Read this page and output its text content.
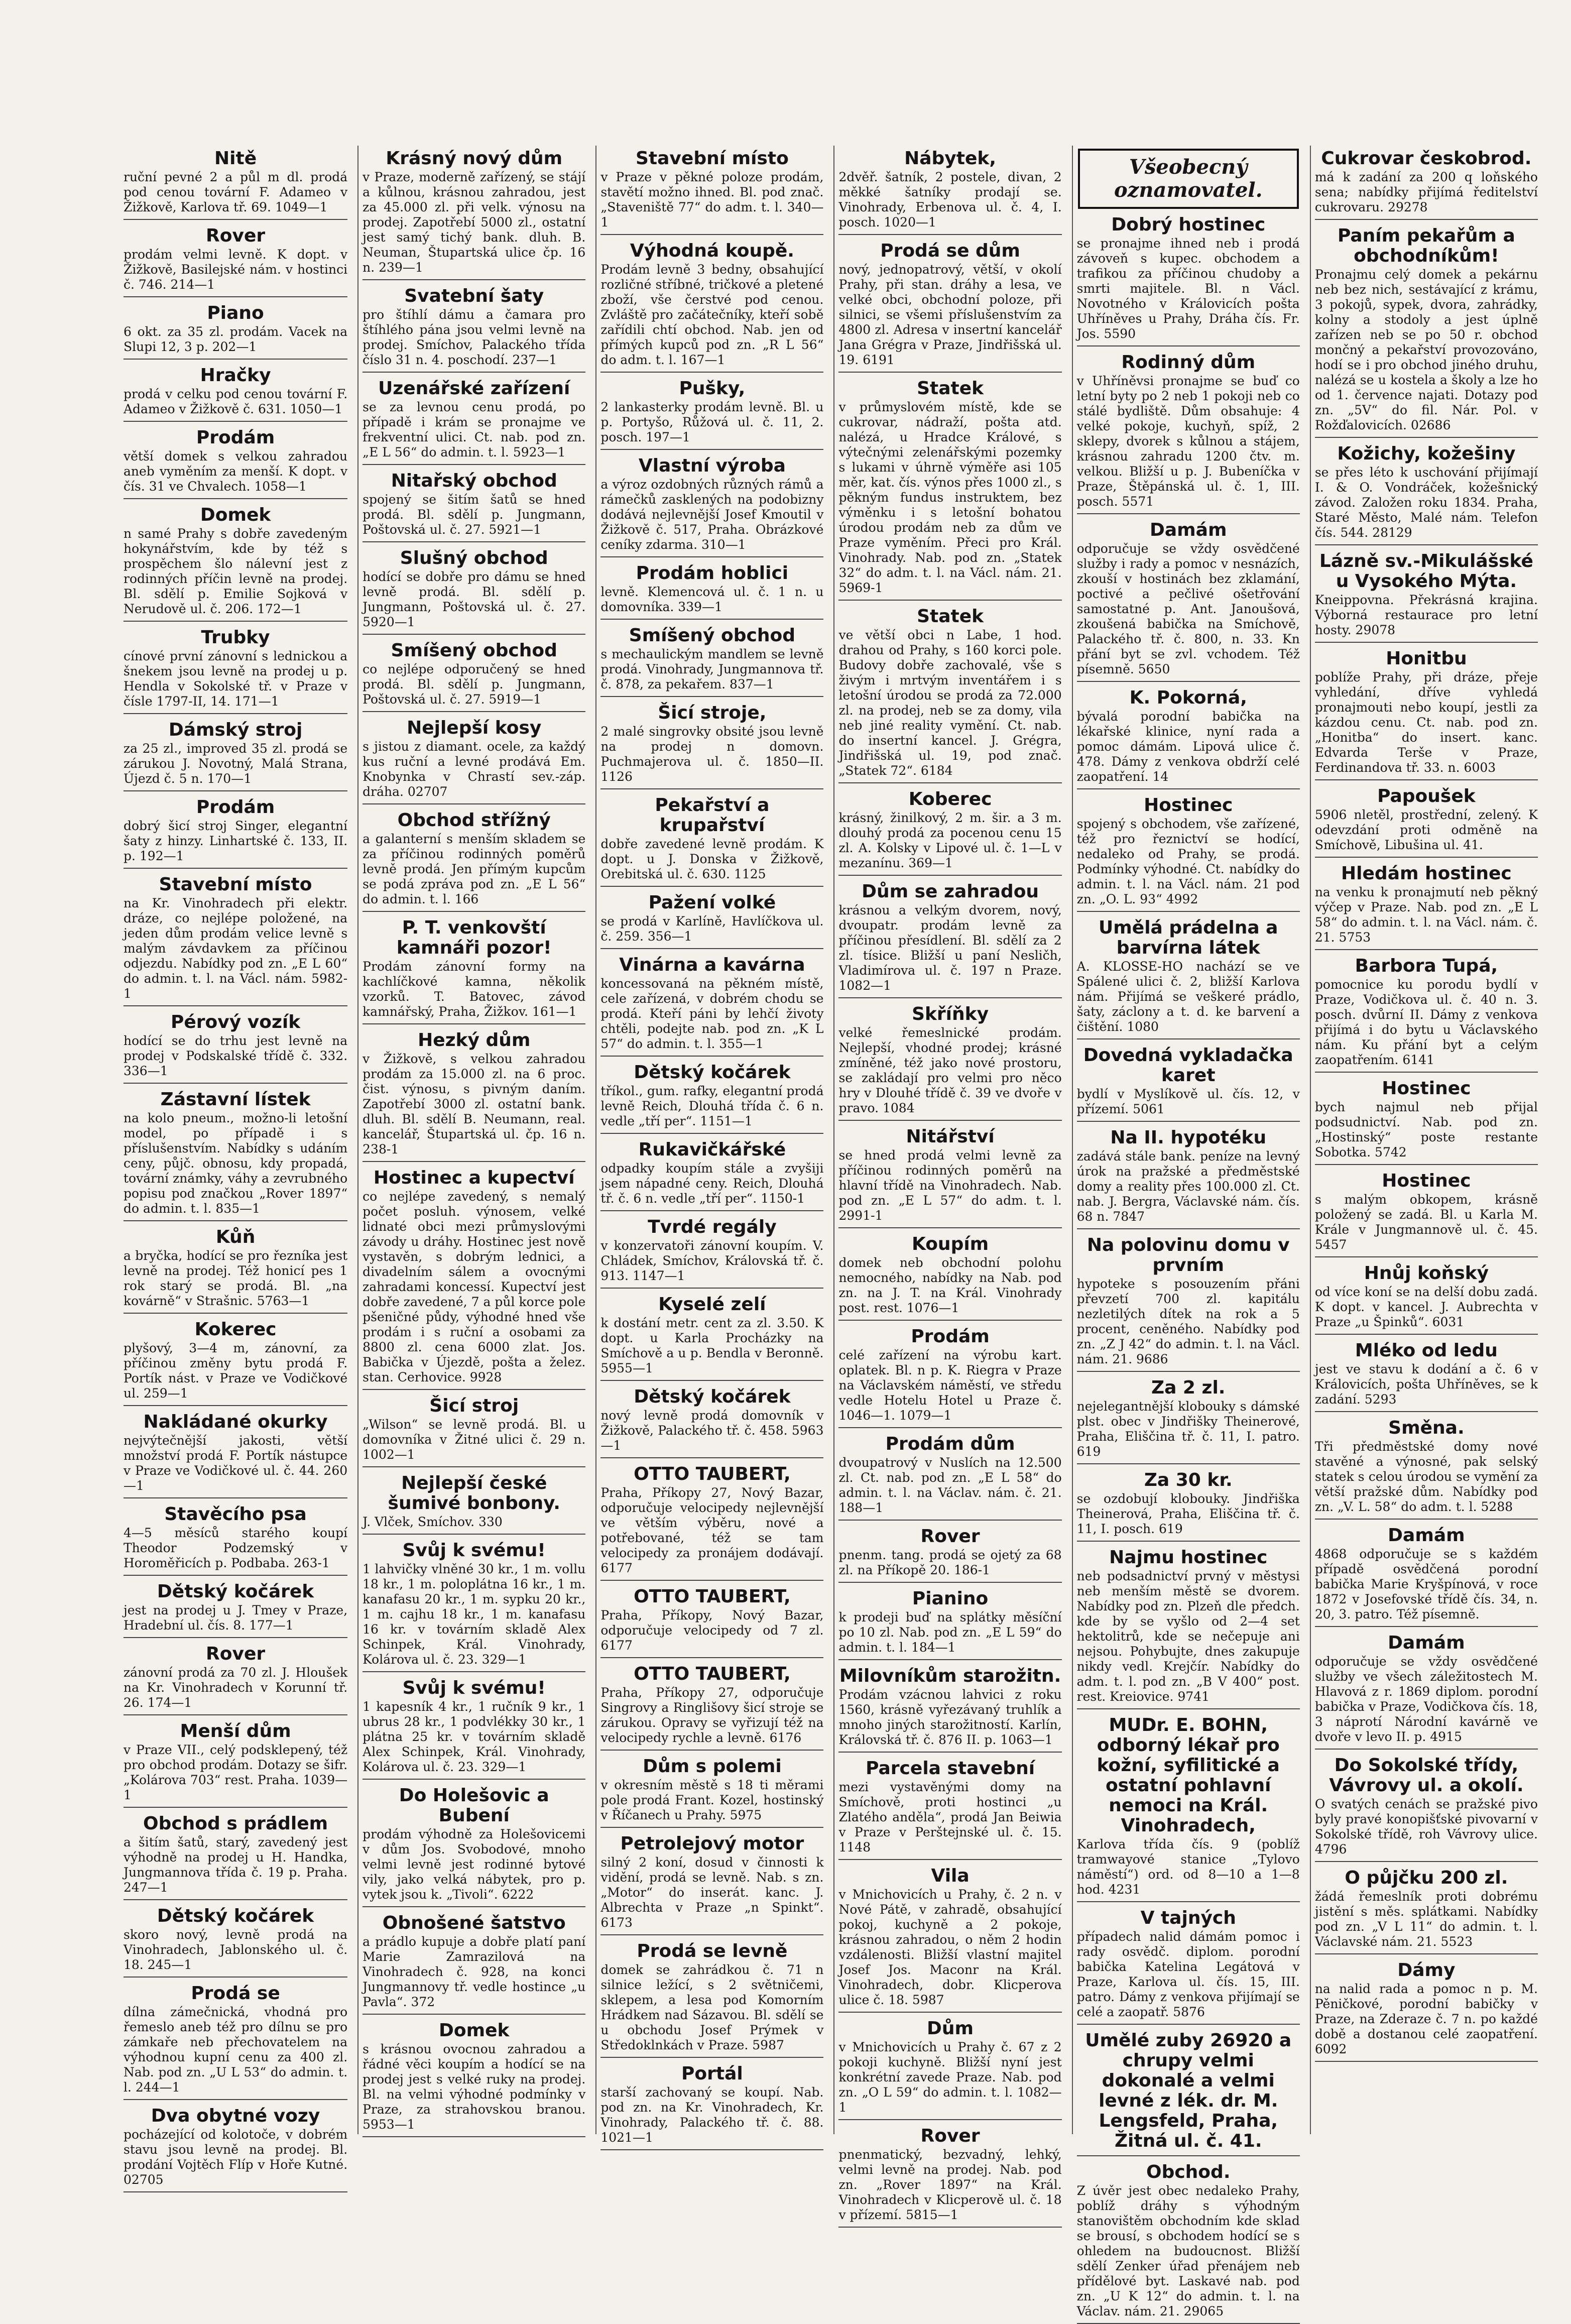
Nitě
ruční pevné 2 a půl m dl. prodá pod cenou tovární F. Adameo v Žižkově, Karlova tř. 69. 1049—1
Rover
prodám velmi levně. K dopt. v Žižkově, Basilejské nám. v hostinci č. 746. 214—1
Piano
6 okt. za 35 zl. prodám. Vacek na Slupi 12, 3 p. 202—1
Hračky
prodá v celku pod cenou tovární F. Adameo v Žižkově č. 631. 1050—1
Prodám
větší domek s velkou zahradou aneb vyměním za menší. K dopt. v čís. 31 ve Chvalech. 1058—1
Domek
n samé Prahy s dobře zavedeným hokynářstvím, kde by též s prospěchem šlo nálevní jest z rodinných příčin levně na prodej. Bl. sdělí p. Emilie Sojková v Nerudově ul. č. 206. 172—1
Trubky
cínové první zánovní s lednickou a šnekem jsou levně na prodej u p. Hendla v Sokolské tř. v Praze v čísle 1797-II, 14. 171—1
Dámský stroj
za 25 zl., improved 35 zl. prodá se zárukou J. Novotný, Malá Strana, Újezd č. 5 n. 170—1
Prodám
dobrý šicí stroj Singer, elegantní šaty z hinzy. Linhartské č. 133, II. p. 192—1
Stavební místo
na Kr. Vinohradech při elektr. dráze, co nejlépe položené, na jeden dům prodám velice levně s malým závdavkem za příčinou odjezdu. Nabídky pod zn. „E L 60“ do admin. t. l. na Václ. nám. 5982-1
Pérový vozík
hodící se do trhu jest levně na prodej v Podskalské třídě č. 332. 336—1
Zástavní lístek
na kolo pneum., možno-li letošní model, po případě i s příslušenstvím. Nabídky s udáním ceny, půjč. obnosu, kdy propadá, tovární známky, váhy a zevrubného popisu pod značkou „Rover 1897“ do admin. t. l. 835—1
Kůň
a bryčka, hodící se pro řezníka jest levně na prodej. Též honicí pes 1 rok starý se prodá. Bl. „na kovárně“ v Strašnic. 5763—1
Kokerec
plyšový, 3—4 m, zánovní, za příčinou změny bytu prodá F. Portík nást. v Praze ve Vodičkové ul. 259—1
Nakládané okurky
nejvýtečnější jakosti, větší množství prodá F. Portík nástupce v Praze ve Vodičkové ul. č. 44. 260—1
Stavěcího psa
4—5 měsíců starého koupí Theodor Podzemský v Horoměřicích p. Podbaba. 263-1
Dětský kočárek
jest na prodej u J. Tmey v Praze, Hradební ul. čís. 8. 177—1
Rover
zánovní prodá za 70 zl. J. Hloušek na Kr. Vinohradech v Korunní tř. 26. 174—1
Menší dům
v Praze VII., celý podsklepený, též pro obchod prodám. Dotazy se šifr. „Kolárova 703“ rest. Praha. 1039—1
Obchod s prádlem
a šitím šatů, starý, zavedený jest výhodně na prodej u H. Handka, Jungmannova třída č. 19 p. Praha. 247—1
Dětský kočárek
skoro nový, levně prodá na Vinohradech, Jablonského ul. č. 18. 245—1
Prodá se
dílna zámečnická, vhodná pro řemeslo aneb též pro dílnu se pro zámkaře neb přechovatelem na výhodnou kupní cenu za 400 zl. Nab. pod zn. „U L 53“ do admin. t. l. 244—1
Dva obytné vozy
pocházející od kolotoče, v dobrém stavu jsou levně na prodej. Bl. prodání Vojtěch Flíp v Hoře Kutné. 02705
Krásný nový dům
v Praze, moderně zařízený, se stájí a kůlnou, krásnou zahradou, jest za 45.000 zl. při velk. výnosu na prodej. Zapotřebí 5000 zl., ostatní jest samý tichý bank. dluh. B. Neuman, Štupartská ulice čp. 16 n. 239—1
Svatební šaty
pro štíhlí dámu a čamara pro štíhlého pána jsou velmi levně na prodej. Smíchov, Palackého třída číslo 31 n. 4. poschodí. 237—1
Uzenářské zařízení
se za levnou cenu prodá, po případě i krám se pronajme ve frekventní ulici. Ct. nab. pod zn. „E L 56“ do admin. t. l. 5923—1
Nitařský obchod
spojený se šitím šatů se hned prodá. Bl. sdělí p. Jungmann, Poštovská ul. č. 27. 5921—1
Slušný obchod
hodící se dobře pro dámu se hned levně prodá. Bl. sdělí p. Jungmann, Poštovská ul. č. 27. 5920—1
Smíšený obchod
co nejlépe odporučený se hned prodá. Bl. sdělí p. Jungmann, Poštovská ul. č. 27. 5919—1
Nejlepší kosy
s jistou z diamant. ocele, za každý kus ruční a levné prodává Em. Knobynka v Chrastí sev.-záp. dráha. 02707
Obchod střížný
a galanterní s menším skladem se za příčinou rodinných poměrů levně prodá. Jen přímým kupcům se podá zpráva pod zn. „E L 56“ do admin. t. l. 166
P. T. venkovští kamnáři pozor!
Prodám zánovní formy na kachlíčkové kamna, několik vzorků. T. Batovec, závod kamnářský, Praha, Žižkov. 161—1
Hezký dům
v Žižkově, s velkou zahradou prodám za 15.000 zl. na 6 proc. čist. výnosu, s pivným daním. Zapotřebí 3000 zl. ostatní bank. dluh. Bl. sdělí B. Neumann, real. kancelář, Štupartská ul. čp. 16 n. 238-1
Hostinec a kupectví
co nejlépe zavedený, s nemalý počet posluh. výnosem, velké lidnaté obci mezi průmyslovými závody u dráhy. Hostinec jest nově vystavěn, s dobrým lednici, a divadelním sálem a ovocnými zahradami koncessí. Kupectví jest dobře zavedené, 7 a půl korce pole pšeničné půdy, výhodné hned vše prodám i s ruční a osobami za 8800 zl. cena 6000 zlat. Jos. Babička v Újezdě, pošta a želez. stan. Cerhovice. 9928
Šicí stroj
„Wilson“ se levně prodá. Bl. u domovníka v Žitné ulici č. 29 n. 1002—1
Nejlepší české šumivé bonbony.
J. Vlček, Smíchov. 330
Svůj k svému!
1 lahvičky vlněné 30 kr., 1 m. vollu 18 kr., 1 m. poloplátna 16 kr., 1 m. kanafasu 20 kr., 1 m. sypku 20 kr., 1 m. cajhu 18 kr., 1 m. kanafasu 16 kr. v továrním skladě Alex Schinpek, Král. Vinohrady, Kolárova ul. č. 23. 329—1
Svůj k svému!
1 kapesník 4 kr., 1 ručník 9 kr., 1 ubrus 28 kr., 1 podvlékky 30 kr., 1 plátna 25 kr. v továrním skladě Alex Schinpek, Král. Vinohrady, Kolárova ul. č. 23. 329—1
Do Holešovic a Bubení
prodám výhodně za Holešovicemi v dům Jos. Svobodové, mnoho velmi levně jest rodinné bytové vily, jako velká nábytek, pro p. vytek jsou k. „Tivoli“. 6222
Obnošené šatstvo
a prádlo kupuje a dobře platí paní Marie Zamrazilová na Vinohradech č. 928, na konci Jungmannovy tř. vedle hostince „u Pavla“. 372
Domek
s krásnou ovocnou zahradou a řádné věci koupím a hodící se na prodej jest s velké ruky na prodej. Bl. na velmi výhodné podmínky v Praze, za strahovskou branou. 5953—1
Stavební místo
v Praze v pěkné poloze prodám, stavětí možno ihned. Bl. pod znač. „Staveniště 77“ do adm. t. l. 340—1
Výhodná koupě.
Prodám levně 3 bedny, obsahující rozličné stříbné, tričkové a pletené zboží, vše čerstvé pod cenou. Zvláště pro začátečníky, kteří sobě zařídili chtí obchod. Nab. jen od přímých kupců pod zn. „R L 56“ do adm. t. l. 167—1
Pušky,
2 lankasterky prodám levně. Bl. u p. Portyšo, Růžová ul. č. 11, 2. posch. 197—1
Vlastní výroba
a výroz ozdobných různých rámů a rámečků zasklených na podobizny dodává nejlevnější Josef Kmoutil v Žižkově č. 517, Praha. Obrázkové ceníky zdarma. 310—1
Prodám hoblici
levně. Klemencová ul. č. 1 n. u domovníka. 339—1
Smíšený obchod
s mechaulickým mandlem se levně prodá. Vinohrady, Jungmannova tř. č. 878, za pekařem. 837—1
Šicí stroje,
2 malé singrovky obsité jsou levně na prodej n domovn. Puchmajerova ul. č. 1850—II. 1126
Pekařství a krupařství
dobře zavedené levně prodám. K dopt. u J. Donska v Žižkově, Orebitská ul. č. 630. 1125
Pažení volké
se prodá v Karlíně, Havlíčkova ul. č. 259. 356—1
Vinárna a kavárna
koncessovaná na pěkném místě, cele zařízená, v dobrém chodu se prodá. Kteří páni by lehčí životy chtěli, podejte nab. pod zn. „K L 57“ do admin. t. l. 355—1
Dětský kočárek
tříkol., gum. rafky, elegantní prodá levně Reich, Dlouhá třída č. 6 n. vedle „tří per“. 1151—1
Rukavičkářské
odpadky koupím stále a zvyšiji jsem nápadné ceny. Reich, Dlouhá tř. č. 6 n. vedle „tří per“. 1150-1
Tvrdé regály
v konzervatoři zánovní koupím. V. Chládek, Smíchov, Královská tř. č. 913. 1147—1
Kyselé zelí
k dostání metr. cent za zl. 3.50. K dopt. u Karla Procházky na Smíchově a u p. Bendla v Beronně. 5955—1
Dětský kočárek
nový levně prodá domovník v Žižkově, Palackého tř. č. 458. 5963—1
OTTO TAUBERT,
Praha, Příkopy 27, Nový Bazar, odporučuje velocipedy nejlevnější ve větším výběru, nové a potřebované, též se tam velocipedy za pronájem dodávají. 6177
OTTO TAUBERT,
Praha, Příkopy, Nový Bazar, odporučuje velocipedy od 7 zl. 6177
OTTO TAUBERT,
Praha, Příkopy 27, odporučuje Singrovy a Ringlišovy šicí stroje se zárukou. Opravy se vyřizují též na velocipedy rychle a levně. 6176
Dům s polemi
v okresním městě s 18 ti měrami pole prodá Frant. Kozel, hostinský v Říčanech u Prahy. 5975
Petrolejový motor
silný 2 koní, dosud v činnosti k vidění, prodá se levně. Nab. s zn. „Motor“ do inserát. kanc. J. Albrechta v Praze „n Spinkt“. 6173
Prodá se levně
domek se zahrádkou č. 71 n silnice ležící, s 2 světničemi, sklepem, a lesa pod Komorním Hrádkem nad Sázavou. Bl. sdělí se u obchodu Josef Prýmek v Středoklnkách v Praze. 5987
Portál
starší zachovaný se koupí. Nab. pod zn. na Kr. Vinohradech, Kr. Vinohrady, Palackého tř. č. 88. 1021—1
Nábytek,
2dvěř. šatník, 2 postele, divan, 2 měkké šatníky prodají se. Vinohrady, Erbenova ul. č. 4, I. posch. 1020—1
Prodá se dům
nový, jednopatrový, větší, v okolí Prahy, při stan. dráhy a lesa, ve velké obci, obchodní poloze, při silnici, se všemi příslušenstvím za 4800 zl. Adresa v insertní kancelář Jana Grégra v Praze, Jindřišská ul. 19. 6191
Statek
v průmyslovém místě, kde se cukrovar, nádraží, pošta atd. nalézá, u Hradce Králové, s výtečnými zelenářskými pozemky s lukami v úhrně výměře asi 105 měr, kat. čís. výnos přes 1000 zl., s pěkným fundus instruktem, bez výměnku i s letošní bohatou úrodou prodám neb za dům ve Praze vyměním. Přeci pro Král. Vinohrady. Nab. pod zn. „Statek 32“ do adm. t. l. na Václ. nám. 21. 5969-1
Statek
ve větší obci n Labe, 1 hod. drahou od Prahy, s 160 korci pole. Budovy dobře zachovalé, vše s živým i mrtvým inventářem i s letošní úrodou se prodá za 72.000 zl. na prodej, neb se za domy, vila neb jiné reality vymění. Ct. nab. do insertní kancel. J. Grégra, Jindřišská ul. 19, pod znač. „Statek 72“. 6184
Koberec
krásný, žinilkový, 2 m. šir. a 3 m. dlouhý prodá za pocenou cenu 15 zl. A. Kolsky v Lipové ul. č. 1—L v mezanínu. 369—1
Dům se zahradou
krásnou a velkým dvorem, nový, dvoupatr. prodám levně za příčinou přesídlení. Bl. sdělí za 2 zl. tísice. Bližší u paní Nesličh, Vladimírova ul. č. 197 n Praze. 1082—1
Skříňky
velké řemeslnické prodám. Nejlepší, vhodné prodej; krásné zmíněné, též jako nové prostoru, se zakládají pro velmi pro něco hry v Dlouhé třídě č. 39 ve dvoře v pravo. 1084
Nitářství
se hned prodá velmi levně za příčinou rodinných poměrů na hlavní třídě na Vinohradech. Nab. pod zn. „E L 57“ do adm. t. l. 2991-1
Koupím
domek neb obchodní polohu nemocného, nabídky na Nab. pod zn. na J. T. na Král. Vinohrady post. rest. 1076—1
Prodám
celé zařízení na výrobu kart. oplatek. Bl. n p. K. Riegra v Praze na Václavském náměstí, ve středu vedle Hotelu Hotel u Praze č. 1046—1. 1079—1
Prodám dům
dvoupatrový v Nuslích na 12.500 zl. Ct. nab. pod zn. „E L 58“ do admin. t. l. na Václav. nám. č. 21. 188—1
Rover
pnenm. tang. prodá se ojetý za 68 zl. na Příkopě 20. 186-1
Pianino
k prodeji buď na splátky měsíční po 10 zl. Nab. pod zn. „E L 59“ do admin. t. l. 184—1
Milovníkům starožitn.
Prodám vzácnou lahvici z roku 1560, krásně vyřezávaný truhlík a mnoho jiných starožitností. Karlín, Královská tř. č. 876 II. p. 1063—1
Parcela stavební
mezi vystavěnými domy na Smíchově, proti hostinci „u Zlatého anděla“, prodá Jan Beiwia v Praze v Perštejnské ul. č. 15. 1148
Vila
v Mnichovicích u Prahy, č. 2 n. v Nové Pátě, v zahradě, obsahující pokoj, kuchyně a 2 pokoje, krásnou zahradou, o něm 2 hodin vzdálenosti. Bližší vlastní majitel Josef Jos. Maconr na Král. Vinohradech, dobr. Klicperova ulice č. 18. 5987
Dům
v Mnichovicích u Prahy č. 67 z 2 pokoji kuchyně. Bližší nyní jest konkrétní zavede Praze. Nab. pod zn. „O L 59“ do admin. t. l. 1082—1
Rover
pnenmatický, bezvadný, lehký, velmi levně na prodej. Nab. pod zn. „Rover 1897“ na Král. Vinohradech v Klicperově ul. č. 18 v přízemí. 5815—1
Všeobecný
oznamovatel.
Dobrý hostinec
se pronajme ihned neb i prodá závoveň s kupec. obchodem a trafikou za příčinou chudoby a smrti majitele. Bl. n Václ. Novotného v Královicích pošta Uhříněves u Prahy, Dráha čís. Fr. Jos. 5590
Rodinný dům
v Uhříněvsi pronajme se buď co letní byty po 2 neb 1 pokoji neb co stálé bydliště. Dům obsahuje: 4 velké pokoje, kuchyň, spíž, 2 sklepy, dvorek s kůlnou a stájem, krásnou zahradu 1200 čtv. m. velkou. Bližší u p. J. Bubeníčka v Praze, Štěpánská ul. č. 1, III. posch. 5571
Damám
odporučuje se vždy osvědčené služby i rady a pomoc v nesnázích, zkouší v hostinách bez zklamání, poctivé a pečlivé ošetřování samostatné p. Ant. Janoušová, zkoušená babička na Smíchově, Palackého tř. č. 800, n. 33. Kn přání byt se zvl. vchodem. Též písemně. 5650
K. Pokorná,
bývalá porodní babička na lékařské klinice, nyní rada a pomoc dámám. Lipová ulice č. 478. Dámy z venkova obdrží celé zaopatření. 14
Hostinec
spojený s obchodem, vše zařízené, též pro řeznictví se hodící, nedaleko od Prahy, se prodá. Podmínky výhodné. Ct. nabídky do admin. t. l. na Václ. nám. 21 pod zn. „O. L. 93“ 4992
Umělá prádelna a barvírna látek
A. KLOSSE-HO nachází se ve Spálené ulici č. 2, bližší Karlova nám. Přijímá se veškeré prádlo, šaty, záclony a t. d. ke barvení a čištění. 1080
Dovedná vykladačka karet
bydlí v Myslíkově ul. čís. 12, v přízemí. 5061
Na II. hypotéku
zadává stále bank. peníze na levný úrok na pražské a předměstské domy a reality přes 100.000 zl. Ct. nab. J. Bergra, Václavské nám. čís. 68 n. 7847
Na polovinu domu v prvním
hypoteke s posouzením přáni převzetí 700 zl. kapitálu nezletilých dítek na rok a 5 procent, ceněného. Nabídky pod zn. „Z J 42“ do admin. t. l. na Václ. nám. 21. 9686
Za 2 zl.
nejelegantnější klobouky s dámské plst. obec v Jindřišky Theinerové, Praha, Eliščina tř. č. 11, I. patro. 619
Za 30 kr.
se ozdobují klobouky. Jindřiška Theinerová, Praha, Eliščina tř. č. 11, I. posch. 619
Najmu hostinec
neb podsadnictví prvný v městysi neb menším městě se dvorem. Nabídky pod zn. Plzeň dle předch. kde by se vyšlo od 2—4 set hektolitrů, kde se nečepuje ani nejsou. Pohybujte, dnes zakupuje nikdy vedl. Krejčír. Nabídky do adm. t. l. pod zn. „B V 400“ post. rest. Kreiovice. 9741
MUDr. E. BOHN, odborný lékař pro kožní, syfilitické a ostatní pohlavní nemoci na Král. Vinohradech,
Karlova třída čís. 9 (poblíž tramwayové stanice „Tylovo náměstí“) ord. od 8—10 a 1—8 hod. 4231
V tajných
případech nalid dámám pomoc i rady osvědč. diplom. porodní babička Katelina Legátová v Praze, Karlova ul. čís. 15, III. patro. Dámy z venkova přijímají se celé a zaopatř. 5876
Umělé zuby 26920 a chrupy velmi dokonalé a velmi levné z lék. dr. M. Lengsfeld, Praha, Žitná ul. č. 41.
Obchod.
Z úvěr jest obec nedaleko Prahy, poblíž dráhy s výhodným stanovištěm obchodním kde sklad se brousí, s obchodem hodící se s ohledem na budoucnost. Bližší sdělí Zenker úřad přenájem neb přídělové byt. Laskavé nab. pod zn. „U K 12“ do admin. t. l. na Václav. nám. 21. 29065
Cukrovar českobrod.
má k zadání za 200 q loňského sena; nabídky přijímá ředitelství cukrovaru. 29278
Paním pekařům a obchodníkům!
Pronajmu celý domek a pekárnu neb bez nich, sestávající z krámu, 3 pokojů, sypek, dvora, zahrádky, kolny a stodoly a jest úplně zařízen neb se po 50 r. obchod mončný a pekařství provozováno, hodí se i pro obchod jiného druhu, nalézá se u kostela a školy a lze ho od 1. července najati. Dotazy pod zn. „5V“ do fil. Nár. Pol. v Rožďalovicích. 02686
Kožichy, kožešiny
se přes léto k uschování přijímají I. & O. Vondráček, kožešnický závod. Založen roku 1834. Praha, Staré Město, Malé nám. Telefon čís. 544. 28129
Lázně sv.-Mikulášské u Vysokého Mýta.
Kneippovna. Překrásná krajina. Výborná restaurace pro letní hosty. 29078
Honitbu
poblíže Prahy, při dráze, přeje vyhledání, dříve vyhledá pronajmouti nebo koupí, jestli za kázdou cenu. Ct. nab. pod zn. „Honitba“ do insert. kanc. Edvarda Terše v Praze, Ferdinandova tř. 33. n. 6003
Papoušek
5906 nletěl, prostřední, zelený. K odevzdání proti odměně na Smíchově, Libušina ul. 41.
Hledám hostinec
na venku k pronajmutí neb pěkný výčep v Praze. Nab. pod zn. „E L 58“ do admin. t. l. na Václ. nám. č. 21. 5753
Barbora Tupá,
pomocnice ku porodu bydlí v Praze, Vodičkova ul. č. 40 n. 3. posch. dvůrní II. Dámy z venkova přijímá i do bytu u Václavského nám. Ku přání byt a celým zaopatřením. 6141
Hostinec
bych najmul neb přijal podsudnictví. Nab. pod zn. „Hostinský“ poste restante Sobotka. 5742
Hostinec
s malým obkopem, krásně položený se zadá. Bl. u Karla M. Krále v Jungmannově ul. č. 45. 5457
Hnůj koňský
od více koní se na delší dobu zadá. K dopt. v kancel. J. Aubrechta v Praze „u Špinků“. 6031
Mléko od ledu
jest ve stavu k dodání a č. 6 v Královicích, pošta Uhříněves, se k zadání. 5293
Směna.
Tři předměstské domy nové stavěné a výnosné, pak selský statek s celou úrodou se vymění za větší pražské dům. Nabídky pod zn. „V. L. 58“ do adm. t. l. 5288
Damám
4868 odporučuje se s každém případě osvědčená porodní babička Marie Kryšpínová, v roce 1872 v Josefovské třídě čís. 34, n. 20, 3. patro. Též písemně.
Damám
odporučuje se vždy osvědčené služby ve všech záležitostech M. Hlavová z r. 1869 diplom. porodní babička v Praze, Vodičkova čís. 18, 3 náprotí Národní kavárně ve dvoře v levo II. p. 4915
Do Sokolské třídy, Vávrovy ul. a okolí.
O svatých cenách se pražské pivo byly pravé konopišťské pivovarní v Sokolské třídě, roh Vávrovy ulice. 4796
O půjčku 200 zl.
žádá řemeslník proti dobrému jistění s měs. splátkami. Nabídky pod zn. „V L 11“ do admin. t. l. Václavské nám. 21. 5523
Dámy
na nalid rada a pomoc n p. M. Pěničkové, porodní babičky v Praze, na Zderaze č. 7 n. po každé době a dostanou celé zaopatření. 6092
